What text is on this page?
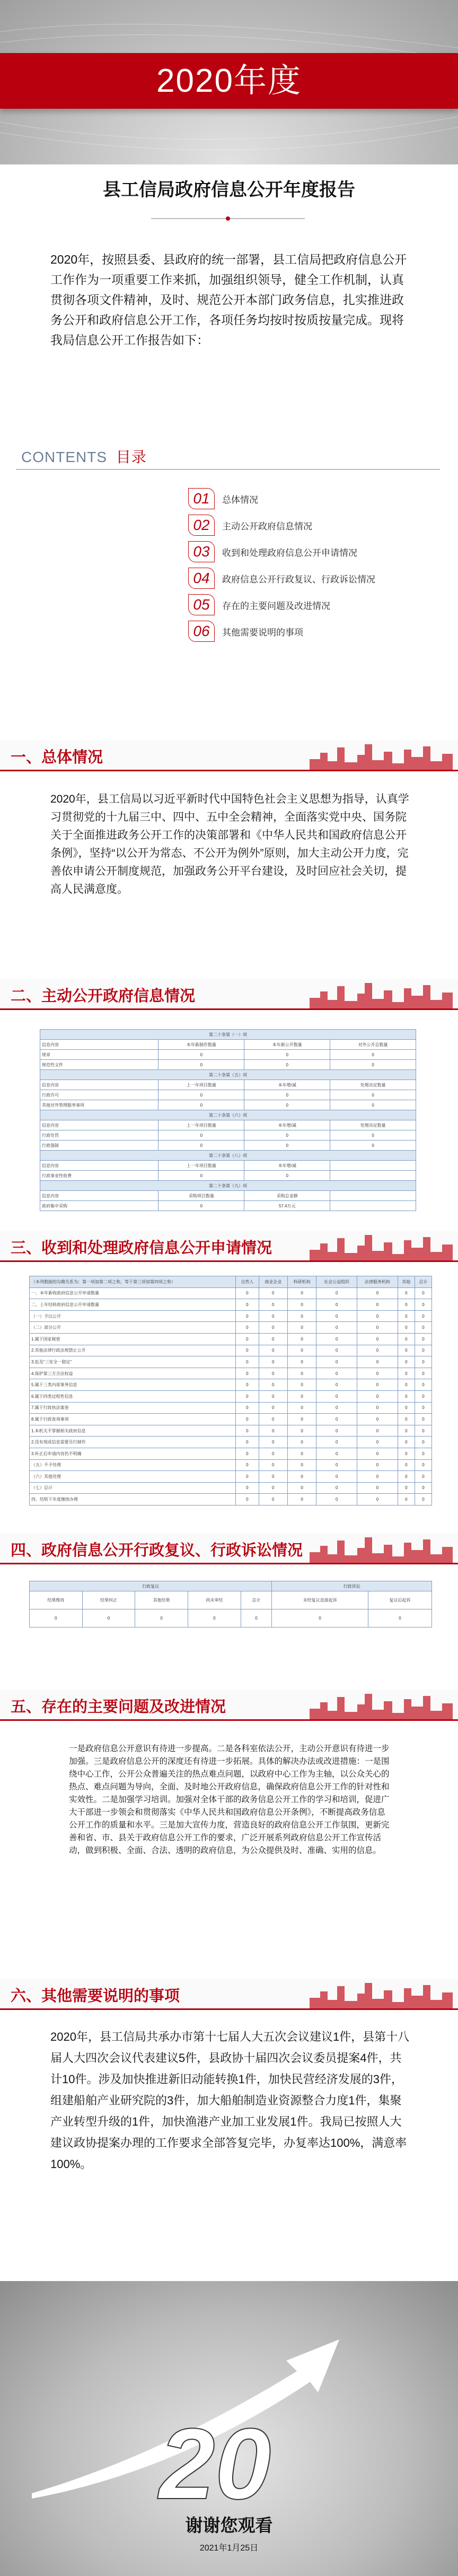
2020年度
县工信局政府信息公开年度报告
2020年，按照县委、县政府的统一部署，县工信局把政府信息公开工作作为一项重要工作来抓，加强组织领导，健全工作机制，认真贯彻各项文件精神，及时、规范公开本部门政务信息，扎实推进政务公开和政府信息公开工作，各项任务均按时按质按量完成。现将我局信息公开工作报告如下：
CONTENTS 目录
01	总体情况
02	主动公开政府信息情况
03	收到和处理政府信息公开申请情况
04	政府信息公开行政复议、行政诉讼情况
05	存在的主要问题及改进情况
06	其他需要说明的事项
一、总体情况
2020年，县工信局以习近平新时代中国特色社会主义思想为指导，认真学习贯彻党的十九届三中、四中、五中全会精神，全面落实党中央、国务院关于全面推进政务公开工作的决策部署和《中华人民共和国政府信息公开条例》，坚持“以公开为常态、不公开为例外”原则，加大主动公开力度，完善依申请公开制度规范，加强政务公开平台建设，及时回应社会关切，提高人民满意度。
二、主动公开政府信息情况
第二十条第（一）项			
信息内容	本年新制作数量	本年新公开数量	对外公开总数量
规章	0	0	0
规范性文件	0	0	0
第二十条第（五）项			
信息内容	上一年项目数量	本年增/减	处理决定数量
行政许可	0	0	0
其他对外管理服务事项	0	0	0
第二十条第（六）项			
信息内容	上一年项目数量	本年增/减	处理决定数量
行政处罚	0	0	0
行政强制	0	0	0
第二十条第（八）项			
信息内容	上一年项目数量	本年增/减	
行政事业性收费	0	0	
第二十条第（九）项			
信息内容	采购项目数量	采购总金额	
政府集中采购	0	57.4万元	
三、收到和处理政府信息公开申请情况
（本列数据的勾稽关系为：第一项加第二项之和，等于第三项加第四项之和）	自然人	商业企业	科研机构	社会公益组织	法律服务机构	其他	总计
一、本年新收政府信息公开申请数量	0	0	0	0	0	0	0
二、上年结转政府信息公开申请数量	0	0	0	0	0	0	0
（一）予以公开	0	0	0	0	0	0	0
（二）部分公开	0	0	0	0	0	0	0
1.属于国家秘密	0	0	0	0	0	0	0
2.其他法律行政法规禁止公开	0	0	0	0	0	0	0
3.危及“三安全一稳定”	0	0	0	0	0	0	0
4.保护第三方合法权益	0	0	0	0	0	0	0
5.属于三类内部事务信息	0	0	0	0	0	0	0
6.属于四类过程性信息	0	0	0	0	0	0	0
7.属于行政执法案卷	0	0	0	0	0	0	0
8.属于行政查询事项	0	0	0	0	0	0	0
1.本机关不掌握相关政府信息	0	0	0	0	0	0	0
2.没有现成信息需要另行制作	0	0	0	0	0	0	0
3.补正后申请内容仍不明确	0	0	0	0	0	0	0
（五）不予处理	0	0	0	0	0	0	0
（六）其他处理	0	0	0	0	0	0	0
（七）总计	0	0	0	0	0	0	0
四、结转下年度继续办理	0	0	0	0	0	0	0
四、政府信息公开行政复议、行政诉讼情况
行政复议					行政诉讼	
结果维持	结果纠正	其他结果	尚未审结	总计	未经复议直接起诉	复议后起诉
0	0	0	0	0	0	0
五、存在的主要问题及改进情况
一是政府信息公开意识有待进一步提高。二是各科室依法公开，主动公开意识有待进一步加强。三是政府信息公开的深度还有待进一步拓展。具体的解决办法或改进措施：一是围绕中心工作，公开公众普遍关注的热点难点问题，以政府中心工作为主轴，以公众关心的热点、难点问题为导向，全面、及时地公开政府信息，确保政府信息公开工作的针对性和实效性。二是加强学习培训。加强对全体干部的政务信息公开工作的学习和培训，促进广大干部进一步领会和贯彻落实《中华人民共和国政府信息公开条例》，不断提高政务信息公开工作的质量和水平。三是加大宣传力度，营造良好的政府信息公开工作氛围，更新完善和省、市、县关于政府信息公开工作的要求，广泛开展系列政府信息公开工作宣传活动，做到积极、全面、合法、透明的政府信息，为公众提供及时、准确、实用的信息。
六、其他需要说明的事项
2020年，县工信局共承办市第十七届人大五次会议建议1件，县第十八届人大四次会议代表建议5件，县政协十届四次会议委员提案4件，共计10件。涉及加快推进新旧动能转换1件，加快民营经济发展的3件，组建船舶产业研究院的3件，加大船舶制造业资源整合力度1件，集聚产业转型升级的1件，加快渔港产业加工业发展1件。我局已按照人大建议政协提案办理的工作要求全部答复完毕，办复率达100%，满意率100%。
20
谢谢您观看
2021年1月25日
